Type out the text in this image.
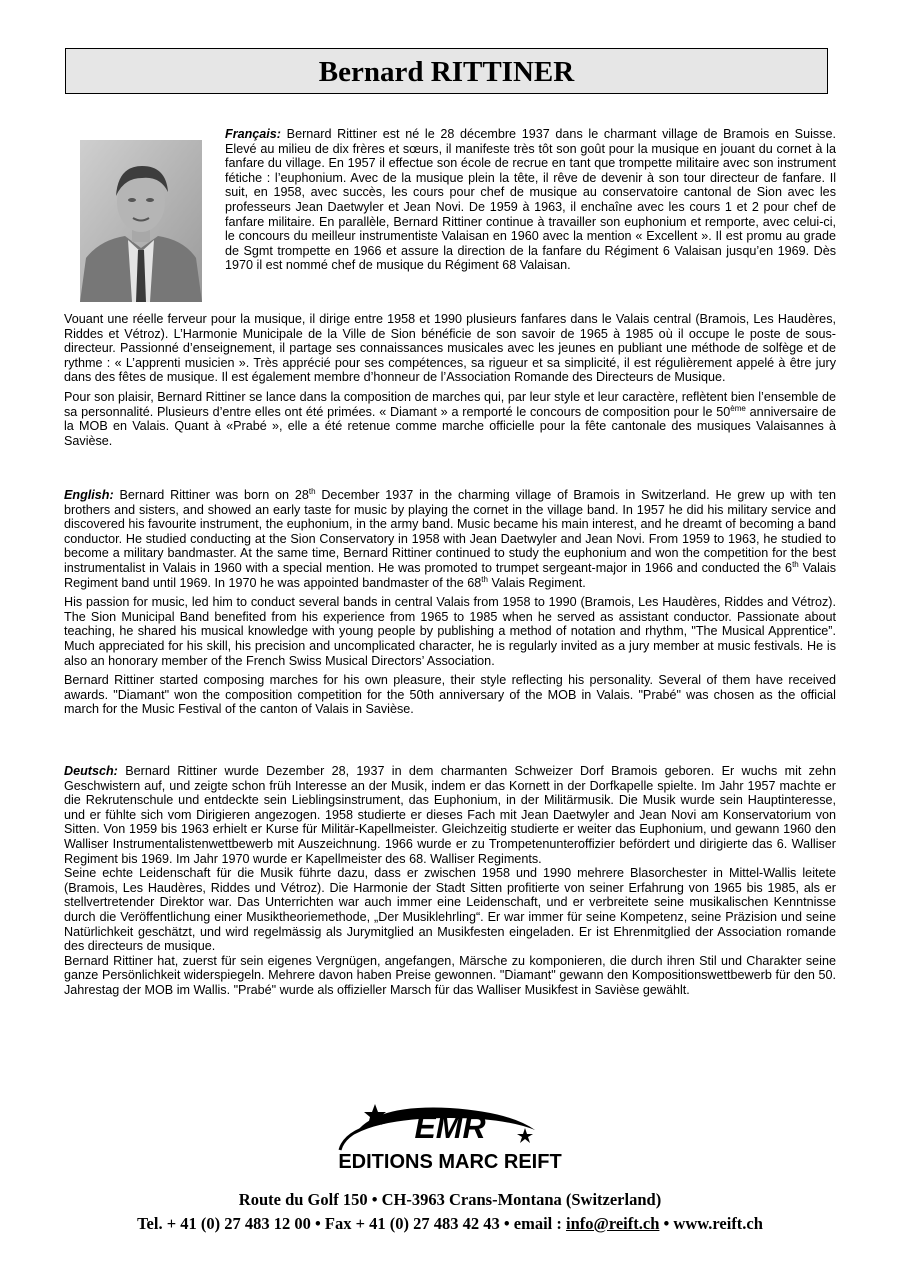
Bernard RITTINER
Français: Bernard Rittiner est né le 28 décembre 1937 dans le charmant village de Bramois en Suisse. Elevé au milieu de dix frères et sœurs, il manifeste très tôt son goût pour la musique en jouant du cornet à la fanfare du village. En 1957 il effectue son école de recrue en tant que trompette militaire avec son instrument fétiche : l’euphonium. Avec de la musique plein la tête, il rêve de devenir à son tour directeur de fanfare. Il suit, en 1958, avec succès, les cours pour chef de musique au conservatoire cantonal de Sion avec les professeurs Jean Daetwyler et Jean Novi. De 1959 à 1963, il enchaîne avec les cours 1 et 2 pour chef de fanfare militaire. En parallèle, Bernard Rittiner continue à travailler son euphonium et remporte, avec celui-ci, le concours du meilleur instrumentiste Valaisan en 1960 avec la mention « Excellent ». Il est promu au grade de Sgmt trompette en 1966 et assure la direction de la fanfare du Régiment 6 Valaisan jusqu’en 1969. Dès 1970 il est nommé chef de musique du Régiment 68 Valaisan.

Vouant une réelle ferveur pour la musique, il dirige entre 1958 et 1990 plusieurs fanfares dans le Valais central (Bramois, Les Haudères, Riddes et Vétroz). L’Harmonie Municipale de la Ville de Sion bénéficie de son savoir de 1965 à 1985 où il occupe le poste de sous-directeur. Passionné d’enseignement, il partage ses connaissances musicales avec les jeunes en publiant une méthode de solfège et de rythme : « L’apprenti musicien ». Très apprécié pour ses compétences, sa rigueur et sa simplicité, il est régulièrement appelé à être jury dans des fêtes de musique. Il est également membre d’honneur de l’Association Romande des Directeurs de Musique.

Pour son plaisir, Bernard Rittiner se lance dans la composition de marches qui, par leur style et leur caractère, reflètent bien l’ensemble de sa personnalité. Plusieurs d’entre elles ont été primées. « Diamant » a remporté le concours de composition pour le 50ème anniversaire de la MOB en Valais. Quant à «Prabé », elle a été retenue comme marche officielle pour la fête cantonale des musiques Valaisannes à Savièse.

English: Bernard Rittiner was born on 28th December 1937 in the charming village of Bramois in Switzerland. He grew up with ten brothers and sisters, and showed an early taste for music by playing the cornet in the village band. In 1957 he did his military service and discovered his favourite instrument, the euphonium, in the army band. Music became his main interest, and he dreamt of becoming a band conductor. He studied conducting at the Sion Conservatory in 1958 with Jean Daetwyler and Jean Novi. From 1959 to 1963, he studied to become a military bandmaster. At the same time, Bernard Rittiner continued to study the euphonium and won the competition for the best instrumentalist in Valais in 1960 with a special mention. He was promoted to trumpet sergeant-major in 1966 and conducted the 6th Valais Regiment band until 1969. In 1970 he was appointed bandmaster of the 68th Valais Regiment.

His passion for music, led him to conduct several bands in central Valais from 1958 to 1990 (Bramois, Les Haudères, Riddes and Vétroz). The Sion Municipal Band benefited from his experience from 1965 to 1985 when he served as assistant conductor. Passionate about teaching, he shared his musical knowledge with young people by publishing a method of notation and rhythm, "The Musical Apprentice”. Much appreciated for his skill, his precision and uncomplicated character, he is regularly invited as a jury member at music festivals. He is also an honorary member of the French Swiss Musical Directors’ Association.

Bernard Rittiner started composing marches for his own pleasure, their style reflecting his personality. Several of them have received awards. "Diamant" won the composition competition for the 50th anniversary of the MOB in Valais. "Prabé" was chosen as the official march for the Music Festival of the canton of Valais in Savièse.

Deutsch: Bernard Rittiner wurde Dezember 28, 1937 in dem charmanten Schweizer Dorf Bramois geboren. Er wuchs mit zehn Geschwistern auf, und zeigte schon früh Interesse an der Musik, indem er das Kornett in der Dorfkapelle spielte. Im Jahr 1957 machte er die Rekrutenschule und entdeckte sein Lieblingsinstrument, das Euphonium, in der Militärmusik. Die Musik wurde sein Hauptinteresse, und er fühlte sich vom Dirigieren angezogen. 1958 studierte er dieses Fach mit Jean Daetwyler and Jean Novi am Konservatorium von Sitten. Von 1959 bis 1963 erhielt er Kurse für Militär-Kapellmeister. Gleichzeitig studierte er weiter das Euphonium, und gewann 1960 den Walliser Instrumentalistenwettbewerb mit Auszeichnung. 1966 wurde er zu Trompetenunteroffizier befördert und dirigierte das 6. Walliser Regiment bis 1969. Im Jahr 1970 wurde er Kapellmeister des 68. Walliser Regiments.

Seine echte Leidenschaft für die Musik führte dazu, dass er zwischen 1958 und 1990 mehrere Blasorchester in Mittel-Wallis leitete (Bramois, Les Haudères, Riddes und Vétroz). Die Harmonie der Stadt Sitten profitierte von seiner Erfahrung von 1965 bis 1985, als er stellvertretender Direktor war. Das Unterrichten war auch immer eine Leidenschaft, und er verbreitete seine musikalischen Kenntnisse durch die Veröffentlichung einer Musiktheoriemethode, „Der Musiklehrling“. Er war immer für seine Kompetenz, seine Präzision und seine Natürlichkeit geschätzt, und wird regelmässig als Jurymitglied an Musikfesten eingeladen. Er ist Ehrenmitglied der Association romande des directeurs de musique.

Bernard Rittiner hat, zuerst für sein eigenes Vergnügen, angefangen, Märsche zu komponieren, die durch ihren Stil und Charakter seine ganze Persönlichkeit widerspiegeln. Mehrere davon haben Preise gewonnen. "Diamant" gewann den Kompositionswettbewerb für den 50. Jahrestag der MOB im Wallis. "Prabé" wurde als offizieller Marsch für das Walliser Musikfest in Savièse gewählt.

EMR
EDITIONS MARC REIFT
Route du Golf 150 • CH-3963 Crans-Montana (Switzerland)
Tel. + 41 (0) 27 483 12 00 • Fax + 41 (0) 27 483 42 43 • email : info@reift.ch • www.reift.ch
